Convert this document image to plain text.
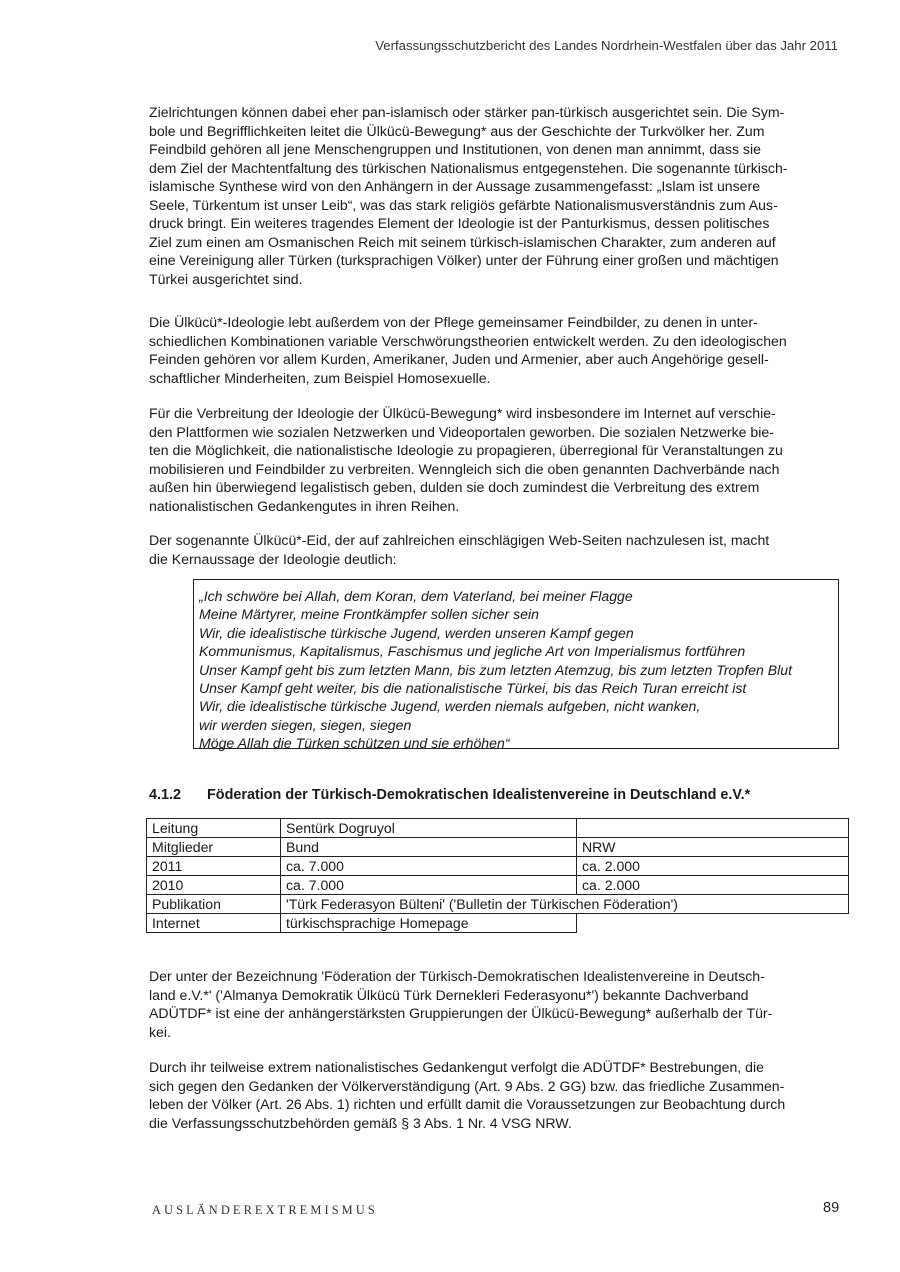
Verfassungsschutzbericht des Landes Nordrhein-Westfalen über das Jahr 2011
Zielrichtungen können dabei eher pan-islamisch oder stärker pan-türkisch ausgerichtet sein. Die Sym-
bole und Begrifflichkeiten leitet die Ülkücü-Bewegung* aus der Geschichte der Turkvölker her. Zum
Feindbild gehören all jene Menschengruppen und Institutionen, von denen man annimmt, dass sie
dem Ziel der Machtentfaltung des türkischen Nationalismus entgegenstehen. Die sogenannte türkisch-
islamische Synthese wird von den Anhängern in der Aussage zusammengefasst: „Islam ist unsere
Seele, Türkentum ist unser Leib“, was das stark religiös gefärbte Nationalismusverständnis zum Aus-
druck bringt. Ein weiteres tragendes Element der Ideologie ist der Panturkismus, dessen politisches
Ziel zum einen am Osmanischen Reich mit seinem türkisch-islamischen Charakter, zum anderen auf
eine Vereinigung aller Türken (turksprachigen Völker) unter der Führung einer großen und mächtigen
Türkei ausgerichtet sind.
Die Ülkücü*-Ideologie lebt außerdem von der Pflege gemeinsamer Feindbilder, zu denen in unter-
schiedlichen Kombinationen variable Verschwörungstheorien entwickelt werden. Zu den ideologischen
Feinden gehören vor allem Kurden, Amerikaner, Juden und Armenier, aber auch Angehörige gesell-
schaftlicher Minderheiten, zum Beispiel Homosexuelle.
Für die Verbreitung der Ideologie der Ülkücü-Bewegung* wird insbesondere im Internet auf verschie-
den Plattformen wie sozialen Netzwerken und Videoportalen geworben. Die sozialen Netzwerke bie-
ten die Möglichkeit, die nationalistische Ideologie zu propagieren, überregional für Veranstaltungen zu
mobilisieren und Feindbilder zu verbreiten. Wenngleich sich die oben genannten Dachverbände nach
außen hin überwiegend legalistisch geben, dulden sie doch zumindest die Verbreitung des extrem
nationalistischen Gedankengutes in ihren Reihen.
Der sogenannte Ülkücü*-Eid, der auf zahlreichen einschlägigen Web-Seiten nachzulesen ist, macht
die Kernaussage der Ideologie deutlich:
„Ich schwöre bei Allah, dem Koran, dem Vaterland, bei meiner Flagge
Meine Märtyrer, meine Frontkämpfer sollen sicher sein
Wir, die idealistische türkische Jugend, werden unseren Kampf gegen
Kommunismus, Kapitalismus, Faschismus und jegliche Art von Imperialismus fortführen
Unser Kampf geht bis zum letzten Mann, bis zum letzten Atemzug, bis zum letzten Tropfen Blut
Unser Kampf geht weiter, bis die nationalistische Türkei, bis das Reich Turan erreicht ist
Wir, die idealistische türkische Jugend, werden niemals aufgeben, nicht wanken,
wir werden siegen, siegen, siegen
Möge Allah die Türken schützen und sie erhöhen“
4.1.2 Föderation der Türkisch-Demokratischen Idealistenvereine in Deutschland e.V.*
Leitung	Sentürk Dogruyol	
Mitglieder	Bund	NRW
2011	ca. 7.000	ca. 2.000
2010	ca. 7.000	ca. 2.000
Publikation	'Türk Federasyon Bülteni' ('Bulletin der Türkischen Föderation')	
Internet	türkischsprachige Homepage	
Der unter der Bezeichnung 'Föderation der Türkisch-Demokratischen Idealistenvereine in Deutsch-
land e.V.*' ('Almanya Demokratik Ülkücü Türk Dernekleri Federasyonu*') bekannte Dachverband
ADÜTDF* ist eine der anhängerstärksten Gruppierungen der Ülkücü-Bewegung* außerhalb der Tür-
kei.
Durch ihr teilweise extrem nationalistisches Gedankengut verfolgt die ADÜTDF* Bestrebungen, die
sich gegen den Gedanken der Völkerverständigung (Art. 9 Abs. 2 GG) bzw. das friedliche Zusammen-
leben der Völker (Art. 26 Abs. 1) richten und erfüllt damit die Voraussetzungen zur Beobachtung durch
die Verfassungsschutzbehörden gemäß § 3 Abs. 1 Nr. 4 VSG NRW.
AUSLÄNDEREXTREMISMUS	89
